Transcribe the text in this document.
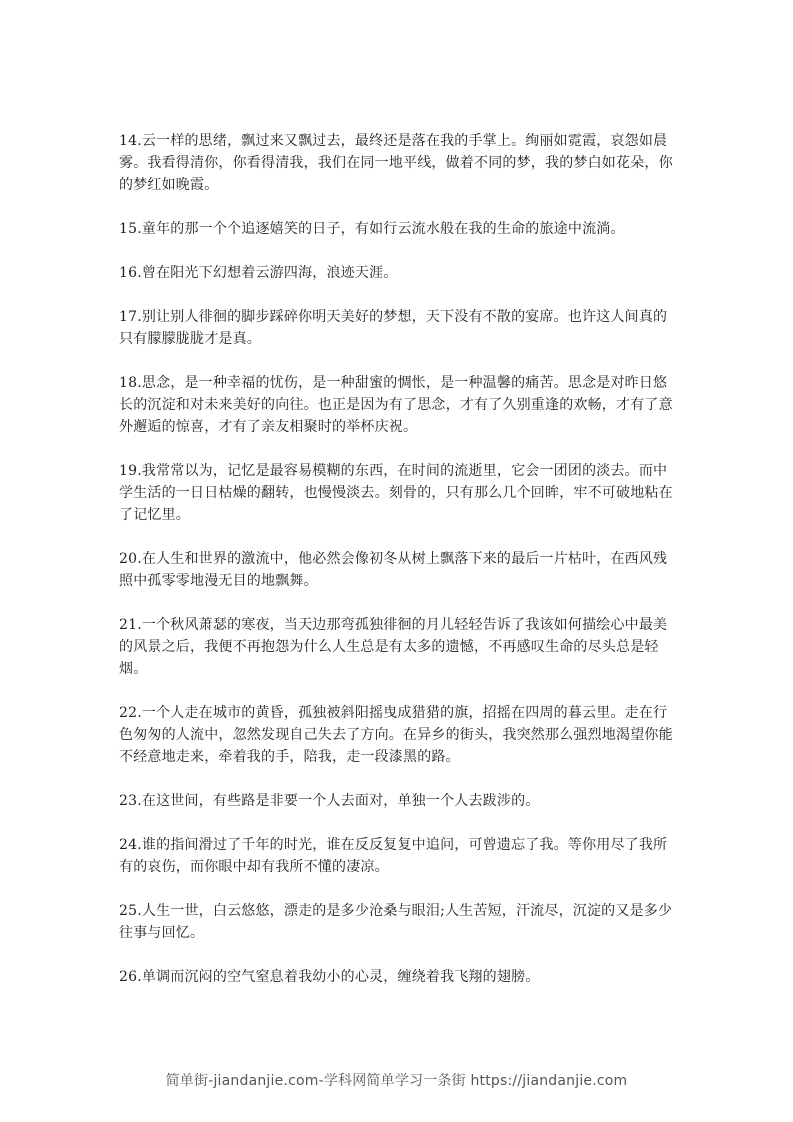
14.云一样的思绪，飘过来又飘过去，最终还是落在我的手掌上。绚丽如霓霞，哀怨如晨雾。我看得清你，你看得清我，我们在同一地平线，做着不同的梦，我的梦白如花朵，你的梦红如晚霞。

15.童年的那一个个追逐嬉笑的日子，有如行云流水般在我的生命的旅途中流淌。

16.曾在阳光下幻想着云游四海，浪迹天涯。

17.别让别人徘徊的脚步踩碎你明天美好的梦想，天下没有不散的宴席。也许这人间真的只有朦朦胧胧才是真。

18.思念，是一种幸福的忧伤，是一种甜蜜的惆怅，是一种温馨的痛苦。思念是对昨日悠长的沉淀和对未来美好的向往。也正是因为有了思念，才有了久别重逢的欢畅，才有了意外邂逅的惊喜，才有了亲友相聚时的举杯庆祝。

19.我常常以为，记忆是最容易模糊的东西，在时间的流逝里，它会一团团的淡去。而中学生活的一日日枯燥的翻转，也慢慢淡去。刻骨的，只有那么几个回眸，牢不可破地粘在了记忆里。

20.在人生和世界的激流中，他必然会像初冬从树上飘落下来的最后一片枯叶，在西风残照中孤零零地漫无目的地飘舞。

21.一个秋风萧瑟的寒夜，当天边那弯孤独徘徊的月儿轻轻告诉了我该如何描绘心中最美的风景之后，我便不再抱怨为什么人生总是有太多的遗憾，不再感叹生命的尽头总是轻烟。

22.一个人走在城市的黄昏，孤独被斜阳摇曳成猎猎的旗，招摇在四周的暮云里。走在行色匆匆的人流中，忽然发现自己失去了方向。在异乡的街头，我突然那么强烈地渴望你能不经意地走来，牵着我的手，陪我，走一段漆黑的路。

23.在这世间，有些路是非要一个人去面对，单独一个人去跋涉的。

24.谁的指间滑过了千年的时光，谁在反反复复中追问，可曾遗忘了我。等你用尽了我所有的哀伤，而你眼中却有我所不懂的凄凉。

25.人生一世，白云悠悠，漂走的是多少沧桑与眼泪;人生苦短，汗流尽，沉淀的又是多少往事与回忆。

26.单调而沉闷的空气窒息着我幼小的心灵，缠绕着我飞翔的翅膀。

简单街-jiandanjie.com-学科网简单学习一条街 https://jiandanjie.com
